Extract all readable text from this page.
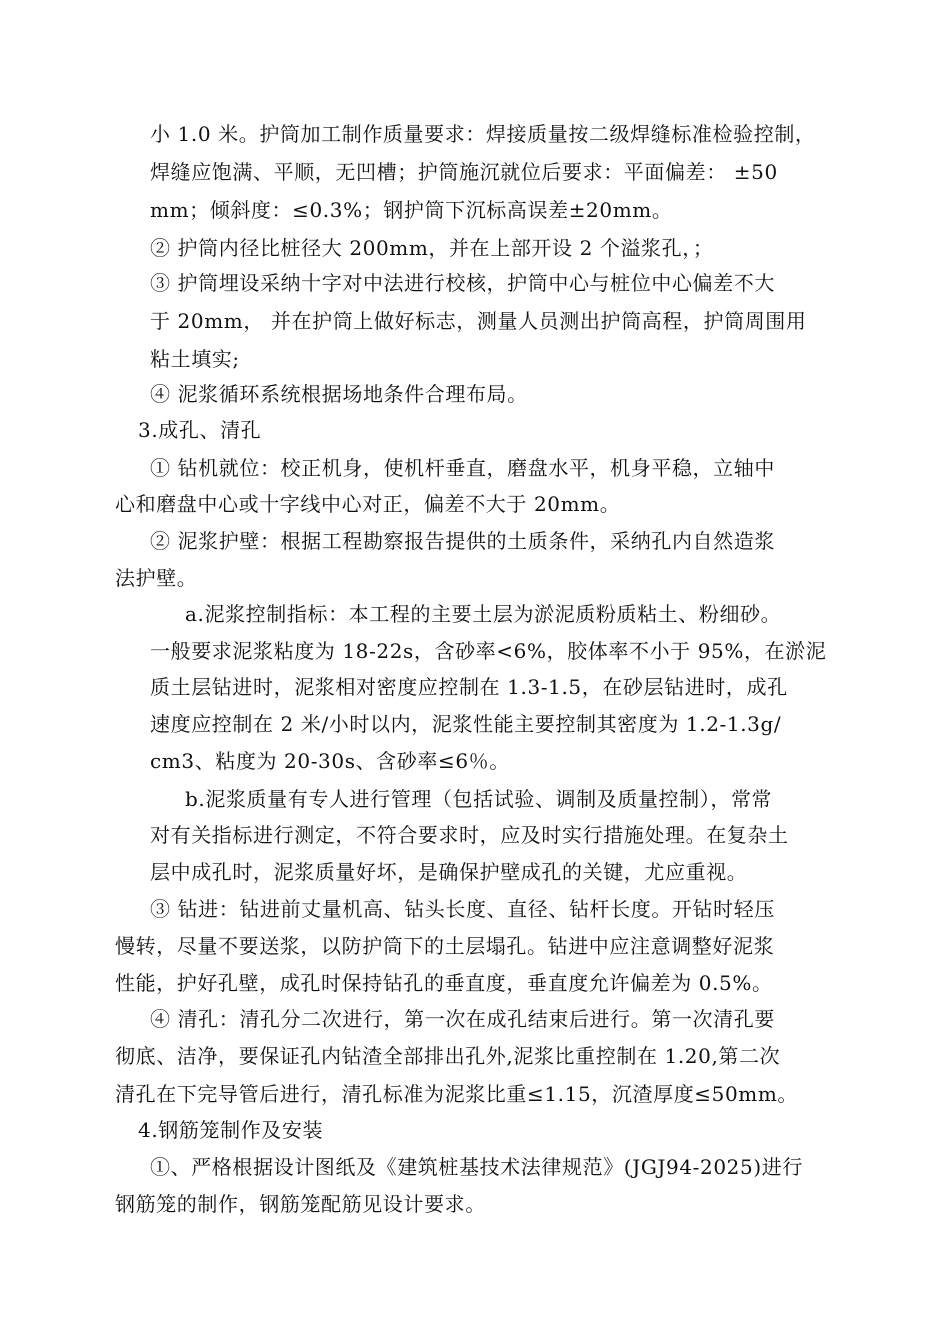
小 1.0 米。护筒加工制作质量要求：焊接质量按二级焊缝标准检验控制，
焊缝应饱满、平顺，无凹槽；护筒施沉就位后要求：平面偏差： ±50
mm；倾斜度：≤0.3%；钢护筒下沉标高误差±20mm。
② 护筒内径比桩径大 200mm，并在上部开设 2 个溢浆孔，；
③ 护筒埋设采纳十字对中法进行校核，护筒中心与桩位中心偏差不大
于 20mm， 并在护筒上做好标志，测量人员测出护筒高程，护筒周围用
粘土填实;
④ 泥浆循环系统根据场地条件合理布局。
3.成孔、清孔
① 钻机就位：校正机身，使机杆垂直，磨盘水平，机身平稳，立轴中
心和磨盘中心或十字线中心对正，偏差不大于 20mm。
② 泥浆护壁：根据工程勘察报告提供的土质条件，采纳孔内自然造浆
法护壁。
a.泥浆控制指标：本工程的主要土层为淤泥质粉质粘土、粉细砂。
一般要求泥浆粘度为 18-22s，含砂率<6%，胶体率不小于 95%，在淤泥
质土层钻进时，泥浆相对密度应控制在 1.3-1.5，在砂层钻进时，成孔
速度应控制在 2 米/小时以内，泥浆性能主要控制其密度为 1.2-1.3g/
cm3、粘度为 20-30s、含砂率≤6％。
b.泥浆质量有专人进行管理（包括试验、调制及质量控制），常常
对有关指标进行测定，不符合要求时，应及时实行措施处理。在复杂土
层中成孔时，泥浆质量好坏，是确保护壁成孔的关键，尤应重视。
③ 钻进：钻进前丈量机高、钻头长度、直径、钻杆长度。开钻时轻压
慢转，尽量不要送浆，以防护筒下的土层塌孔。钻进中应注意调整好泥浆
性能，护好孔壁，成孔时保持钻孔的垂直度，垂直度允许偏差为 0.5%。
④ 清孔：清孔分二次进行，第一次在成孔结束后进行。第一次清孔要
彻底、洁净，要保证孔内钻渣全部排出孔外,泥浆比重控制在 1.20,第二次
清孔在下完导管后进行，清孔标准为泥浆比重≤1.15，沉渣厚度≤50mm。
4.钢筋笼制作及安装
①、严格根据设计图纸及《建筑桩基技术法律规范》(JGJ94-2025)进行
钢筋笼的制作，钢筋笼配筋见设计要求。
